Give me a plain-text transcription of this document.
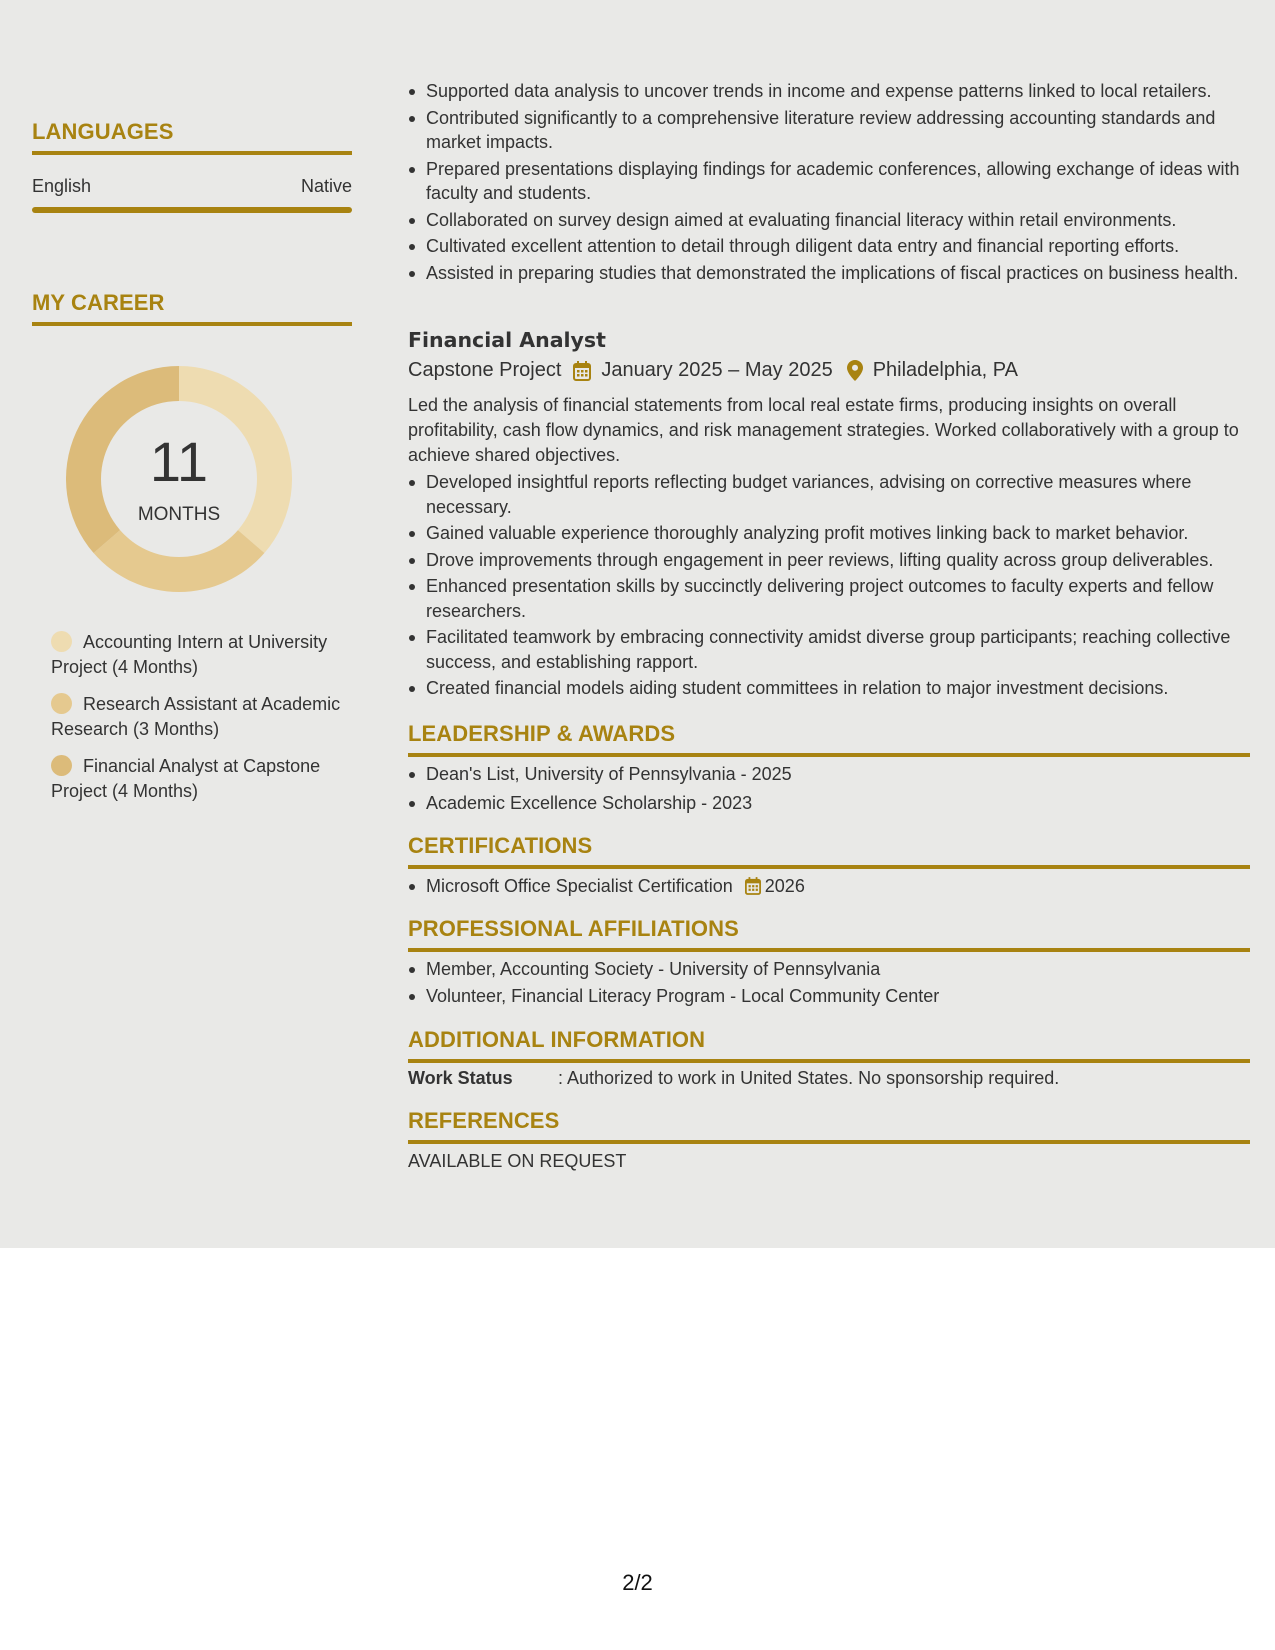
LANGUAGES
English	Native
MY CAREER
11
MONTHS
Accounting Intern at University Project (4 Months)
Research Assistant at Academic Research (3 Months)
Financial Analyst at Capstone Project (4 Months)
Supported data analysis to uncover trends in income and expense patterns linked to local retailers.
Contributed significantly to a comprehensive literature review addressing accounting standards and market impacts.
Prepared presentations displaying findings for academic conferences, allowing exchange of ideas with faculty and students.
Collaborated on survey design aimed at evaluating financial literacy within retail environments.
Cultivated excellent attention to detail through diligent data entry and financial reporting efforts.
Assisted in preparing studies that demonstrated the implications of fiscal practices on business health.
Financial Analyst
Capstone Project January 2025 – May 2025 Philadelphia, PA
Led the analysis of financial statements from local real estate firms, producing insights on overall profitability, cash flow dynamics, and risk management strategies. Worked collaboratively with a group to achieve shared objectives.
Developed insightful reports reflecting budget variances, advising on corrective measures where necessary.
Gained valuable experience thoroughly analyzing profit motives linking back to market behavior.
Drove improvements through engagement in peer reviews, lifting quality across group deliverables.
Enhanced presentation skills by succinctly delivering project outcomes to faculty experts and fellow researchers.
Facilitated teamwork by embracing connectivity amidst diverse group participants; reaching collective success, and establishing rapport.
Created financial models aiding student committees in relation to major investment decisions.
LEADERSHIP & AWARDS
Dean's List, University of Pennsylvania - 2025
Academic Excellence Scholarship - 2023
CERTIFICATIONS
Microsoft Office Specialist Certification 2026
PROFESSIONAL AFFILIATIONS
Member, Accounting Society - University of Pennsylvania
Volunteer, Financial Literacy Program - Local Community Center
ADDITIONAL INFORMATION
Work Status	: Authorized to work in United States. No sponsorship required.
REFERENCES
AVAILABLE ON REQUEST
2/2
